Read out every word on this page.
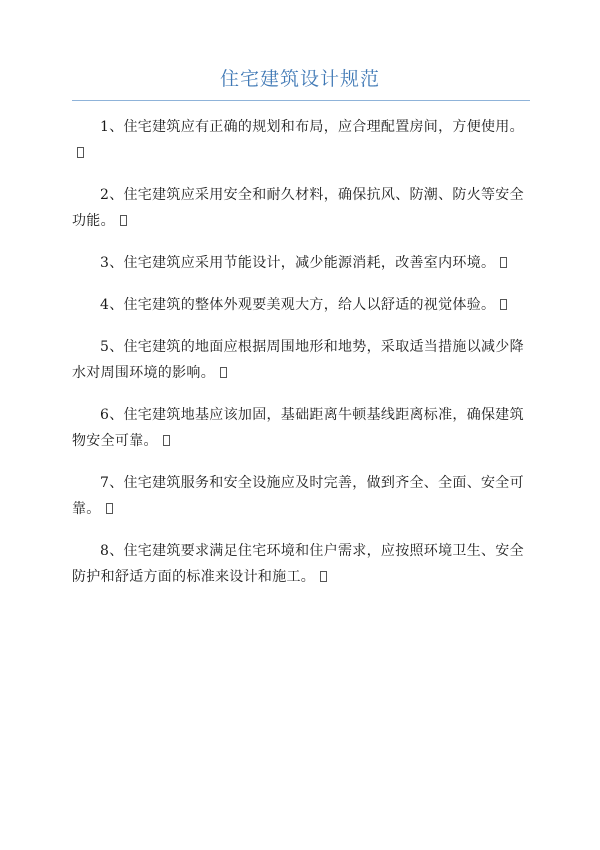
住宅建筑设计规范

1、住宅建筑应有正确的规划和布局，应合理配置房间，方便使用。

2、住宅建筑应采用安全和耐久材料，确保抗风、防潮、防火等安全功能。

3、住宅建筑应采用节能设计，减少能源消耗，改善室内环境。

4、住宅建筑的整体外观要美观大方，给人以舒适的视觉体验。

5、住宅建筑的地面应根据周围地形和地势，采取适当措施以减少降水对周围环境的影响。

6、住宅建筑地基应该加固，基础距离牛顿基线距离标准，确保建筑物安全可靠。

7、住宅建筑服务和安全设施应及时完善，做到齐全、全面、安全可靠。

8、住宅建筑要求满足住宅环境和住户需求，应按照环境卫生、安全防护和舒适方面的标准来设计和施工。
